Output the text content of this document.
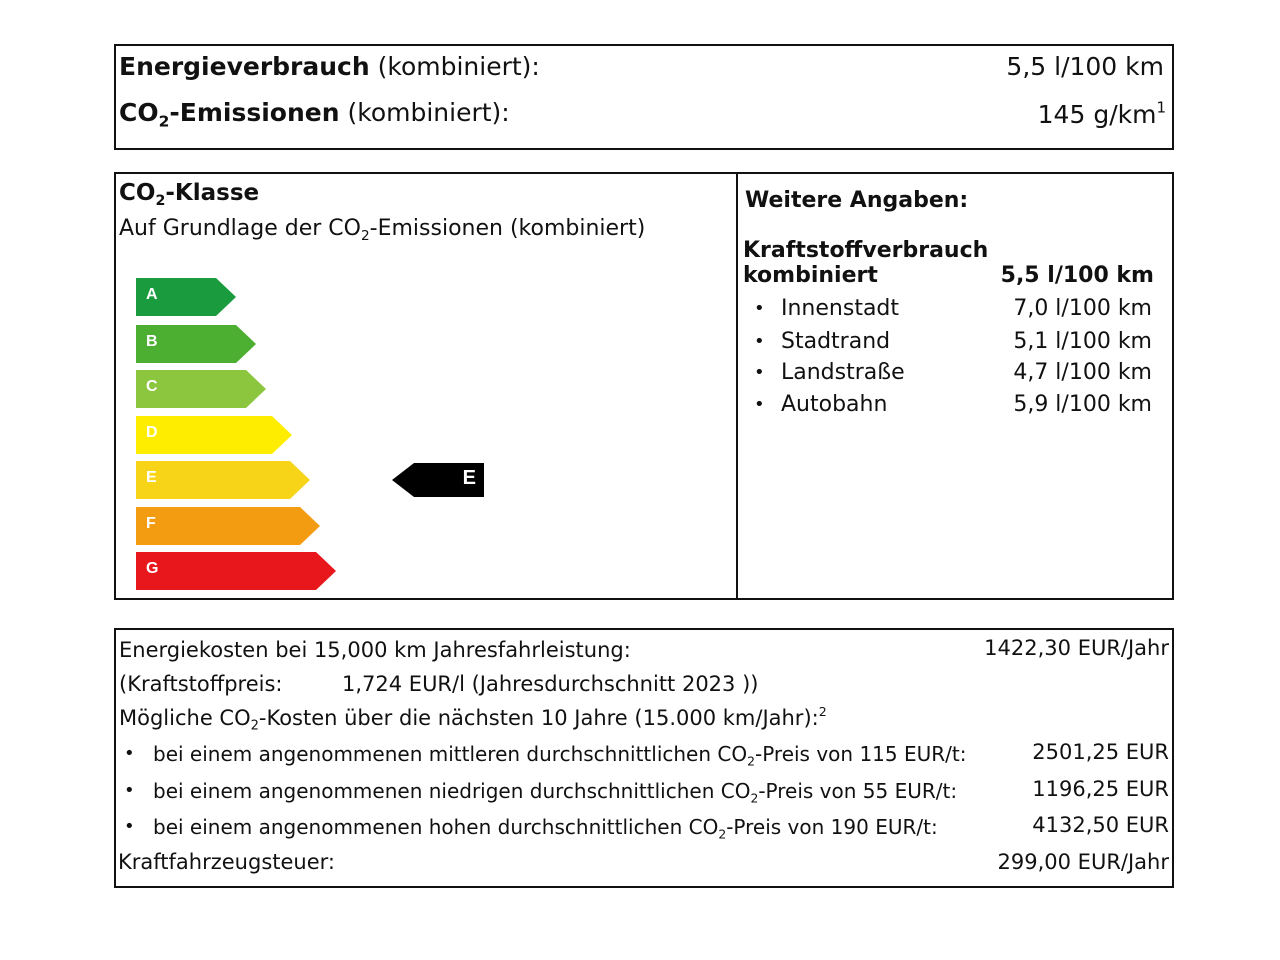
Energieverbrauch (kombiniert):	5,5 l/100 km
$CO_2$-Emissionen (kombiniert):	145 $g/km^1$
$CO_2$-Klasse
Auf Grundlage der $CO_2$-Emissionen (kombiniert)
A
B
C
D
E
F
G
E
Weitere Angaben:
Kraftstoffverbrauch
kombiniert	5,5 l/100 km
• Innenstadt	7,0 l/100 km
• Stadtrand	5,1 l/100 km
• Landstraße	4,7 l/100 km
• Autobahn	5,9 l/100 km
Energiekosten bei 15,000 km Jahresfahrleistung:	1422,30 EUR/Jahr
(Kraftstoffpreis:	1,724 EUR/l (Jahresdurchschnitt 2023 ))
Mögliche $CO_2$-Kosten über die nächsten 10 Jahre (15.000 km/Jahr):$^2$
• bei einem angenommenen mittleren durchschnittlichen $CO_2$-Preis von 115 EUR/t:	2501,25 EUR
• bei einem angenommenen niedrigen durchschnittlichen $CO_2$-Preis von 55 EUR/t:	1196,25 EUR
• bei einem angenommenen hohen durchschnittlichen $CO_2$-Preis von 190 EUR/t:	4132,50 EUR
Kraftfahrzeugsteuer:	299,00 EUR/Jahr
